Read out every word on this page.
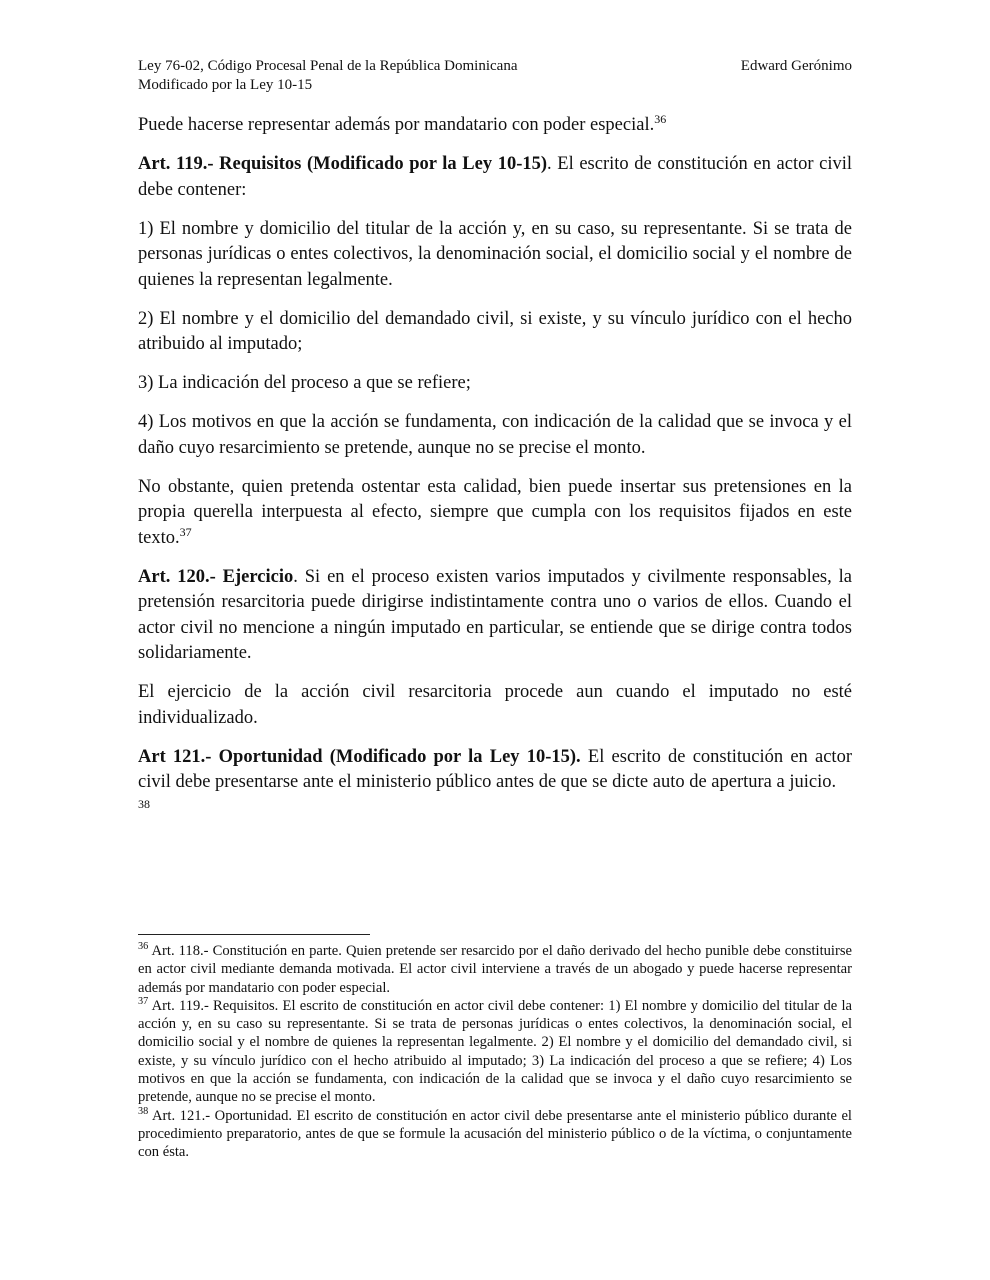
Ley 76-02, Código Procesal Penal de la República Dominicana
Modificado por la Ley 10-15
Edward Gerónimo

Puede hacerse representar además por mandatario con poder especial.$^{36}$

Art. 119.- Requisitos (Modificado por la Ley 10-15). El escrito de constitución en actor civil debe contener:

1) El nombre y domicilio del titular de la acción y, en su caso, su representante. Si se trata de personas jurídicas o entes colectivos, la denominación social, el domicilio social y el nombre de quienes la representan legalmente.

2) El nombre y el domicilio del demandado civil, si existe, y su vínculo jurídico con el hecho atribuido al imputado;

3) La indicación del proceso a que se refiere;

4) Los motivos en que la acción se fundamenta, con indicación de la calidad que se invoca y el daño cuyo resarcimiento se pretende, aunque no se precise el monto.

No obstante, quien pretenda ostentar esta calidad, bien puede insertar sus pretensiones en la propia querella interpuesta al efecto, siempre que cumpla con los requisitos fijados en este texto.$^{37}$

Art. 120.- Ejercicio. Si en el proceso existen varios imputados y civilmente responsables, la pretensión resarcitoria puede dirigirse indistintamente contra uno o varios de ellos. Cuando el actor civil no mencione a ningún imputado en particular, se entiende que se dirige contra todos solidariamente.

El ejercicio de la acción civil resarcitoria procede aun cuando el imputado no esté individualizado.

Art 121.- Oportunidad (Modificado por la Ley 10-15). El escrito de constitución en actor civil debe presentarse ante el ministerio público antes de que se dicte auto de apertura a juicio.
38

$^{36}$ Art. 118.- Constitución en parte. Quien pretende ser resarcido por el daño derivado del hecho punible debe constituirse en actor civil mediante demanda motivada. El actor civil interviene a través de un abogado y puede hacerse representar además por mandatario con poder especial.

$^{37}$ Art. 119.- Requisitos. El escrito de constitución en actor civil debe contener: 1) El nombre y domicilio del titular de la acción y, en su caso su representante. Si se trata de personas jurídicas o entes colectivos, la denominación social, el domicilio social y el nombre de quienes la representan legalmente. 2) El nombre y el domicilio del demandado civil, si existe, y su vínculo jurídico con el hecho atribuido al imputado; 3) La indicación del proceso a que se refiere; 4) Los motivos en que la acción se fundamenta, con indicación de la calidad que se invoca y el daño cuyo resarcimiento se pretende, aunque no se precise el monto.

$^{38}$ Art. 121.- Oportunidad. El escrito de constitución en actor civil debe presentarse ante el ministerio público durante el procedimiento preparatorio, antes de que se formule la acusación del ministerio público o de la víctima, o conjuntamente con ésta.
